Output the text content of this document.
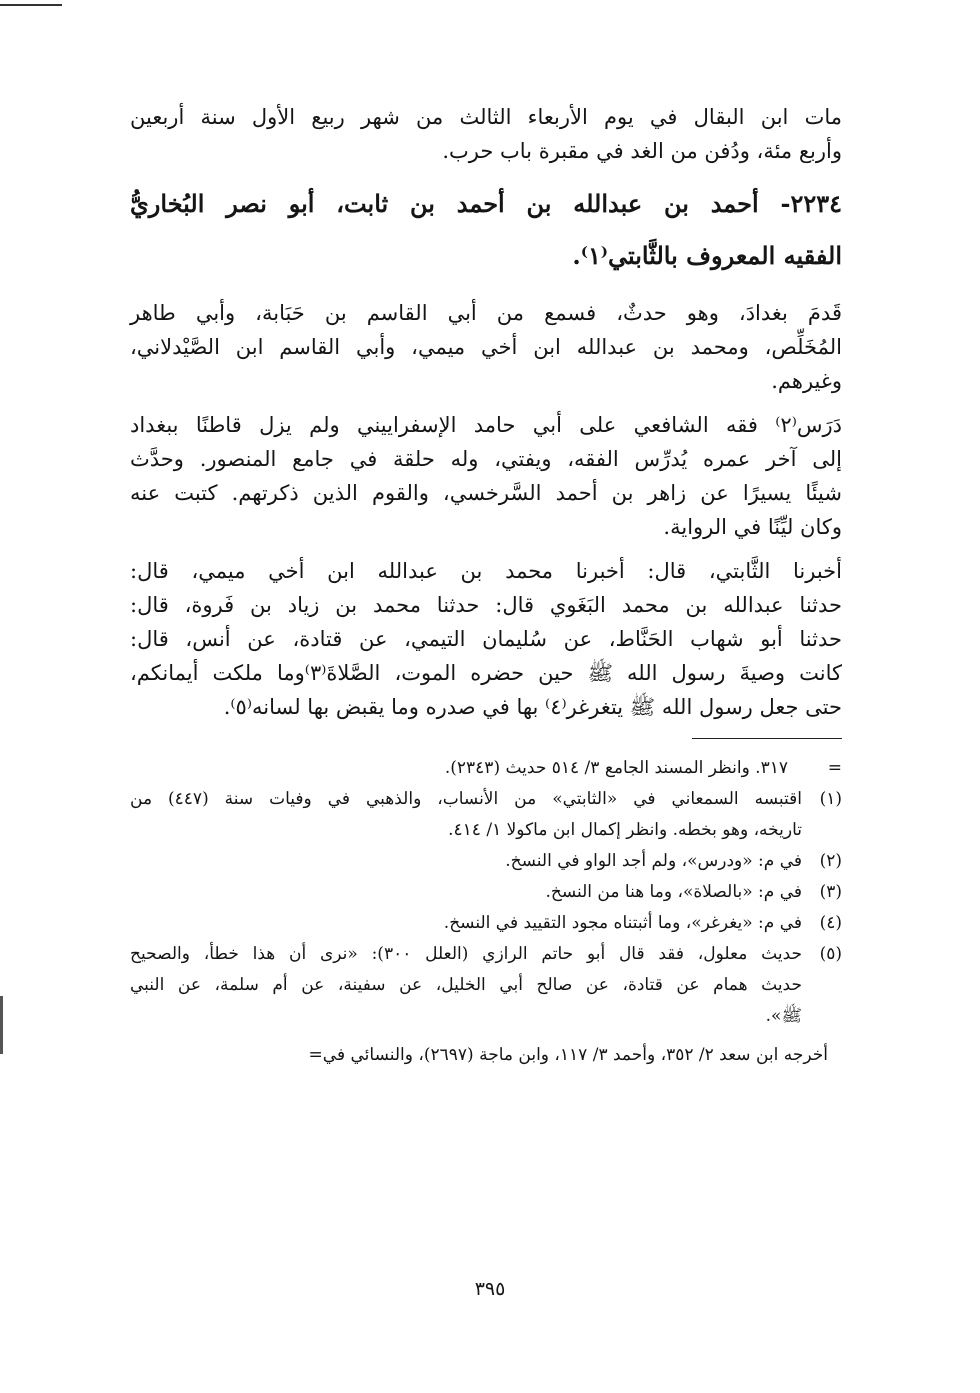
مات ابن البقال في يوم الأربعاء الثالث من شهر ربيع الأول سنة أربعين
وأربع مئة، ودُفن من الغد في مقبرة باب حرب.
٢٢٣٤- أحمد بن عبدالله بن أحمد بن ثابت، أبو نصر البُخاريُّ
الفقيه المعروف بالثَّابتي⁽١⁾.
قَدمَ بغدادَ، وهو حدثٌ، فسمع من أبي القاسم بن حَبَابة، وأبي طاهر
المُخَلِّص، ومحمد بن عبدالله ابن أخي ميمي، وأبي القاسم ابن الصَّيْدلاني،
وغيرهم.
دَرَس⁽٢⁾ فقه الشافعي على أبي حامد الإسفراييني ولم يزل قاطنًا ببغداد
إلى آخر عمره يُدرِّس الفقه، ويفتي، وله حلقة في جامع المنصور. وحدَّث
شيئًا يسيرًا عن زاهر بن أحمد السَّرخسي، والقوم الذين ذكرتهم. كتبت عنه
وكان ليِّنًا في الرواية.
أخبرنا الثَّابتي، قال: أخبرنا محمد بن عبدالله ابن أخي ميمي، قال:
حدثنا عبدالله بن محمد البَغَوي قال: حدثنا محمد بن زياد بن فَروة، قال:
حدثنا أبو شهاب الحَنَّاط، عن سُليمان التيمي، عن قتادة، عن أنس، قال:
كانت وصيةَ رسول الله ﷺ حين حضره الموت، الصَّلاةَ⁽٣⁾وما ملكت أيمانكم،
حتى جعل رسول الله ﷺ يتغرغر⁽٤⁾ بها في صدره وما يقبض بها لسانه⁽٥⁾.
=
٣١٧. وانظر المسند الجامع ٣/ ٥١٤ حديث (٢٣٤٣).
(١)
اقتبسه السمعاني في «الثابتي» من الأنساب، والذهبي في وفيات سنة (٤٤٧) من
تاريخه، وهو بخطه. وانظر إكمال ابن ماكولا ١/ ٤١٤.
(٢)
في م: «ودرس»، ولم أجد الواو في النسخ.
(٣)
في م: «بالصلاة»، وما هنا من النسخ.
(٤)
في م: «يغرغر»، وما أثبتناه مجود التقييد في النسخ.
(٥)
حديث معلول، فقد قال أبو حاتم الرازي (العلل ٣٠٠): «نرى أن هذا خطأ، والصحيح
حديث همام عن قتادة، عن صالح أبي الخليل، عن سفينة، عن أم سلمة، عن النبي
ﷺ».
أخرجه ابن سعد ٢/ ٣٥٢، وأحمد ٣/ ١١٧، وابن ماجة (٢٦٩٧)، والنسائي في=
٣٩٥
